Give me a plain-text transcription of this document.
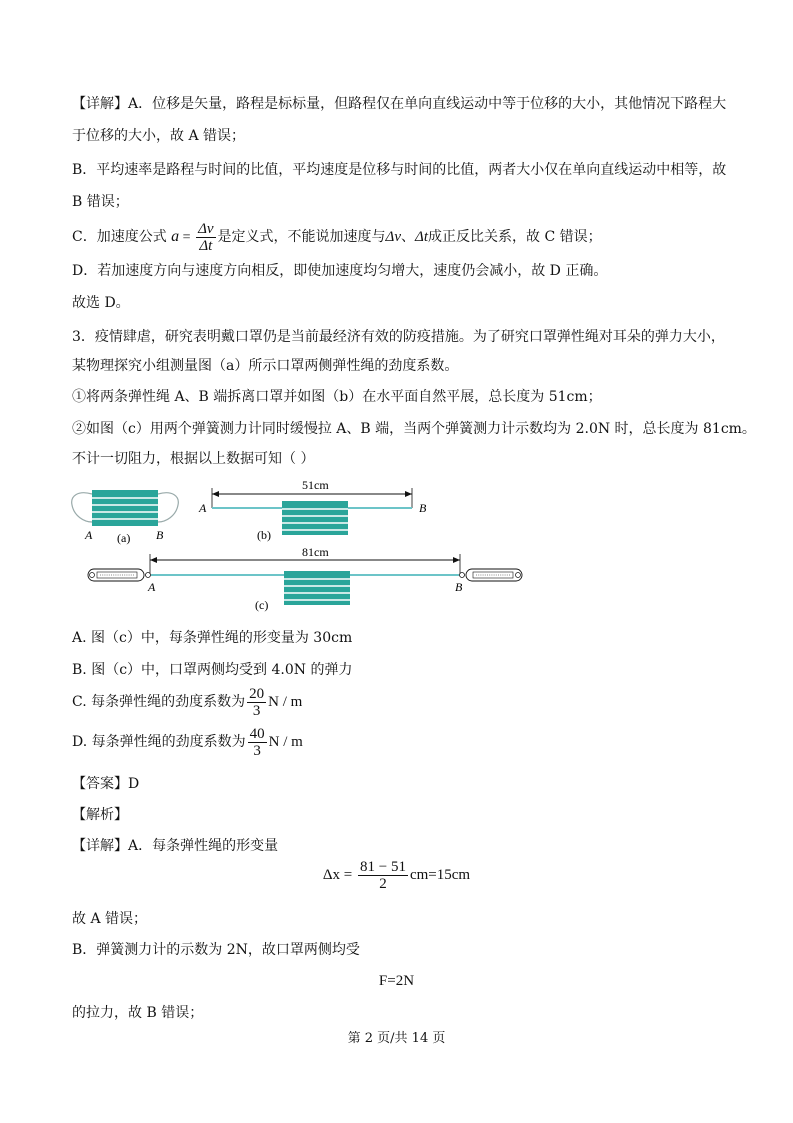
【详解】A．位移是矢量，路程是标标量，但路程仅在单向直线运动中等于位移的大小，其他情况下路程大
于位移的大小，故 A 错误；
B．平均速率是路程与时间的比值，平均速度是位移与时间的比值，两者大小仅在单向直线运动中相等，故
B 错误；
C．加速度公式 $a = \frac{\Delta v}{\Delta t}$ 是定义式，不能说加速度与Δv、Δt成正反比关系，故 C 错误；
D．若加速度方向与速度方向相反，即使加速度均匀增大，速度仍会减小，故 D 正确。
故选 D。
3．疫情肆虐，研究表明戴口罩仍是当前最经济有效的防疫措施。为了研究口罩弹性绳对耳朵的弹力大小，
某物理探究小组测量图（a）所示口罩两侧弹性绳的劲度系数。
①将两条弹性绳 A、B 端拆离口罩并如图（b）在水平面自然平展，总长度为 51cm；
②如图（c）用两个弹簧测力计同时缓慢拉 A、B 端，当两个弹簧测力计示数均为 2.0N 时，总长度为 81cm。
不计一切阻力，根据以上数据可知（ ）
A	B
(a)
51cm
A	B
(b)
81cm
A	B
(c)
A. 图（c）中，每条弹性绳的形变量为 30cm
B. 图（c）中，口罩两侧均受到 4.0N 的弹力
C. 每条弹性绳的劲度系数为 $\frac{20}{3}$ N / m
D. 每条弹性绳的劲度系数为 $\frac{40}{3}$ N / m
【答案】D
【解析】
【详解】A．每条弹性绳的形变量
$\Delta x = \frac{81 - 51}{2} cm=15cm$
故 A 错误；
B．弹簧测力计的示数为 2N，故口罩两侧均受
F=2N
的拉力，故 B 错误；
第 2 页/共 14 页
